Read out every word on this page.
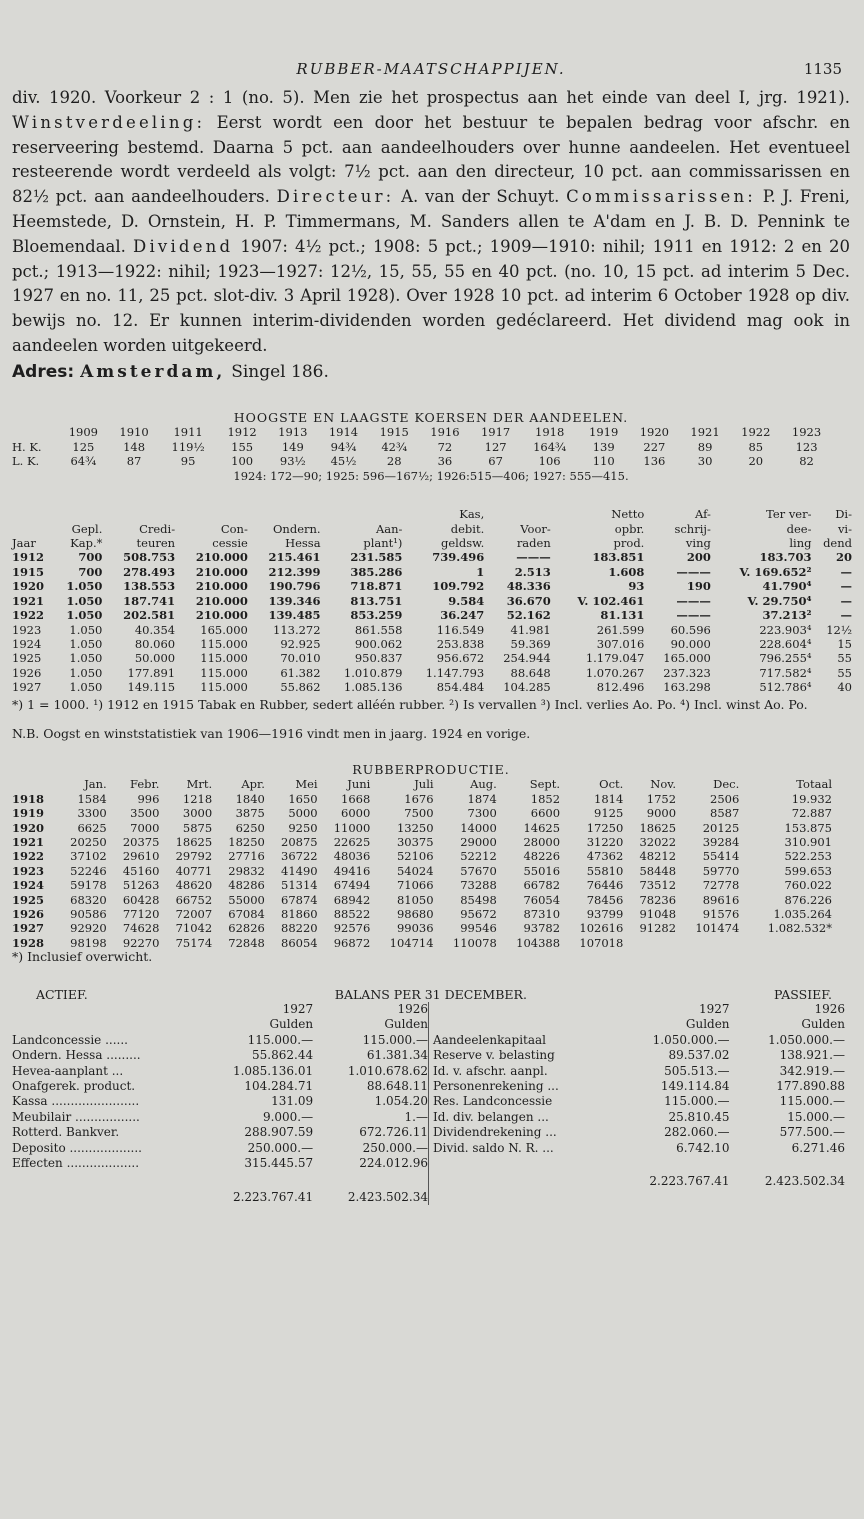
RUBBER-MAATSCHAPPIJEN.	1135

div. 1920. Voorkeur 2 : 1 (no. 5). Men zie het prospectus aan het einde van deel I, jrg. 1921). Winstverdeeling: Eerst wordt een door het bestuur te bepalen bedrag voor afschr. en reserveering bestemd. Daarna 5 pct. aan aandeelhouders over hunne aandeelen. Het eventueel resteerende wordt verdeeld als volgt: 7½ pct. aan den directeur, 10 pct. aan commissarissen en 82½ pct. aan aandeelhouders. Directeur: A. van der Schuyt. Commissarissen: P. J. Freni, Heemstede, D. Ornstein, H. P. Timmermans, M. Sanders allen te A'dam en J. B. D. Pennink te Bloemendaal. Dividend 1907: 4½ pct.; 1908: 5 pct.; 1909—1910: nihil; 1911 en 1912: 2 en 20 pct.; 1913—1922: nihil; 1923—1927: 12½, 15, 55, 55 en 40 pct. (no. 10, 15 pct. ad interim 5 Dec. 1927 en no. 11, 25 pct. slot-div. 3 April 1928). Over 1928 10 pct. ad interim 6 October 1928 op div. bewijs no. 12. Er kunnen interim-dividenden worden gedéclareerd. Het dividend mag ook in aandeelen worden uitgekeerd.

Adres: Amsterdam, Singel 186.
HOOGSTE EN LAAGSTE KOERSEN DER AANDEELEN.
	1909	1910	1911	1912	1913	1914	1915	1916	1917	1918	1919	1920	1921	1922	1923
H. K.	125	148	119½	155	149	94¾	42¾	72	127	164¾	139	227	89	85	123
L. K.	64¾	87	95	100	93½	45½	28	36	67	106	110	136	30	20	82
1924: 172—90; 1925: 596—167½; 1926:515—406; 1927: 555—415.
						Kas,		Netto	Af-	Ter ver-	Di-
	Gepl.	Credi-	Con-	Ondern.	Aan-	debit.	Voor-	opbr.	schrij-	dee-	vi-
Jaar	Kap.*	teuren	cessie	Hessa	plant¹)	geldsw.	raden	prod.	ving	ling	dend
1912	700	508.753	210.000	215.461	231.585	739.496	———	183.851	200	183.703	20
1915	700	278.493	210.000	212.399	385.286	1	2.513	1.608	———	V. 169.652²	—
1920	1.050	138.553	210.000	190.796	718.871	109.792	48.336	93	190	41.790⁴	—
1921	1.050	187.741	210.000	139.346	813.751	9.584	36.670	V. 102.461	———	V. 29.750⁴	—
1922	1.050	202.581	210.000	139.485	853.259	36.247	52.162	81.131	———	37.213²	—
1923	1.050	40.354	165.000	113.272	861.558	116.549	41.981	261.599	60.596	223.903⁴	12½
1924	1.050	80.060	115.000	92.925	900.062	253.838	59.369	307.016	90.000	228.604⁴	15
1925	1.050	50.000	115.000	70.010	950.837	956.672	254.944	1.179.047	165.000	796.255⁴	55
1926	1.050	177.891	115.000	61.382	1.010.879	1.147.793	88.648	1.070.267	237.323	717.582⁴	55
1927	1.050	149.115	115.000	55.862	1.085.136	854.484	104.285	812.496	163.298	512.786⁴	40
*) 1 = 1000. ¹) 1912 en 1915 Tabak en Rubber, sedert alléén rubber. ²) Is vervallen ³) Incl. verlies Ao. Po. ⁴) Incl. winst Ao. Po.
N.B. Oogst en winststatistiek van 1906—1916 vindt men in jaarg. 1924 en vorige.
RUBBERPRODUCTIE.
	Jan.	Febr.	Mrt.	Apr.	Mei	Juni	Juli	Aug.	Sept.	Oct.	Nov.	Dec.	Totaal
1918	1584	996	1218	1840	1650	1668	1676	1874	1852	1814	1752	2506	19.932
1919	3300	3500	3000	3875	5000	6000	7500	7300	6600	9125	9000	8587	72.887
1920	6625	7000	5875	6250	9250	11000	13250	14000	14625	17250	18625	20125	153.875
1921	20250	20375	18625	18250	20875	22625	30375	29000	28000	31220	32022	39284	310.901
1922	37102	29610	29792	27716	36722	48036	52106	52212	48226	47362	48212	55414	522.253
1923	52246	45160	40771	29832	41490	49416	54024	57670	55016	55810	58448	59770	599.653
1924	59178	51263	48620	48286	51314	67494	71066	73288	66782	76446	73512	72778	760.022
1925	68320	60428	66752	55000	67874	68942	81050	85498	76054	78456	78236	89616	876.226
1926	90586	77120	72007	67084	81860	88522	98680	95672	87310	93799	91048	91576	1.035.264
1927	92920	74628	71042	62826	88220	92576	99036	99546	93782	102616	91282	101474	1.082.532*
1928	98198	92270	75174	72848	86054	96872	104714	110078	104388	107018			
*) Inclusief overwicht.
ACTIEF.	BALANS PER 31 DECEMBER.	PASSIEF.
	1927	1926
	Gulden	Gulden
Landconcessie ......	115.000.—	115.000.—
Ondern. Hessa .........	55.862.44	61.381.34
Hevea-aanplant ...	1.085.136.01	1.010.678.62
Onafgerek. product.	104.284.71	88.648.11
Kassa .......................	131.09	1.054.20
Meubilair .................	9.000.—	1.—
Rotterd. Bankver.	288.907.59	672.726.11
Deposito ...................	250.000.—	250.000.—
Effecten ...................	315.445.57	224.012.96
	2.223.767.41	2.423.502.34
	1927	1926
	Gulden	Gulden
Aandeelenkapitaal	1.050.000.—	1.050.000.—
Reserve v. belasting	89.537.02	138.921.—
Id. v. afschr. aanpl.	505.513.—	342.919.—
Personenrekening ...	149.114.84	177.890.88
Res. Landconcessie	115.000.—	115.000.—
Id. div. belangen ...	25.810.45	15.000.—
Dividendrekening ...	282.060.—	577.500.—
Divid. saldo N. R. ...	6.742.10	6.271.46
	2.223.767.41	2.423.502.34
